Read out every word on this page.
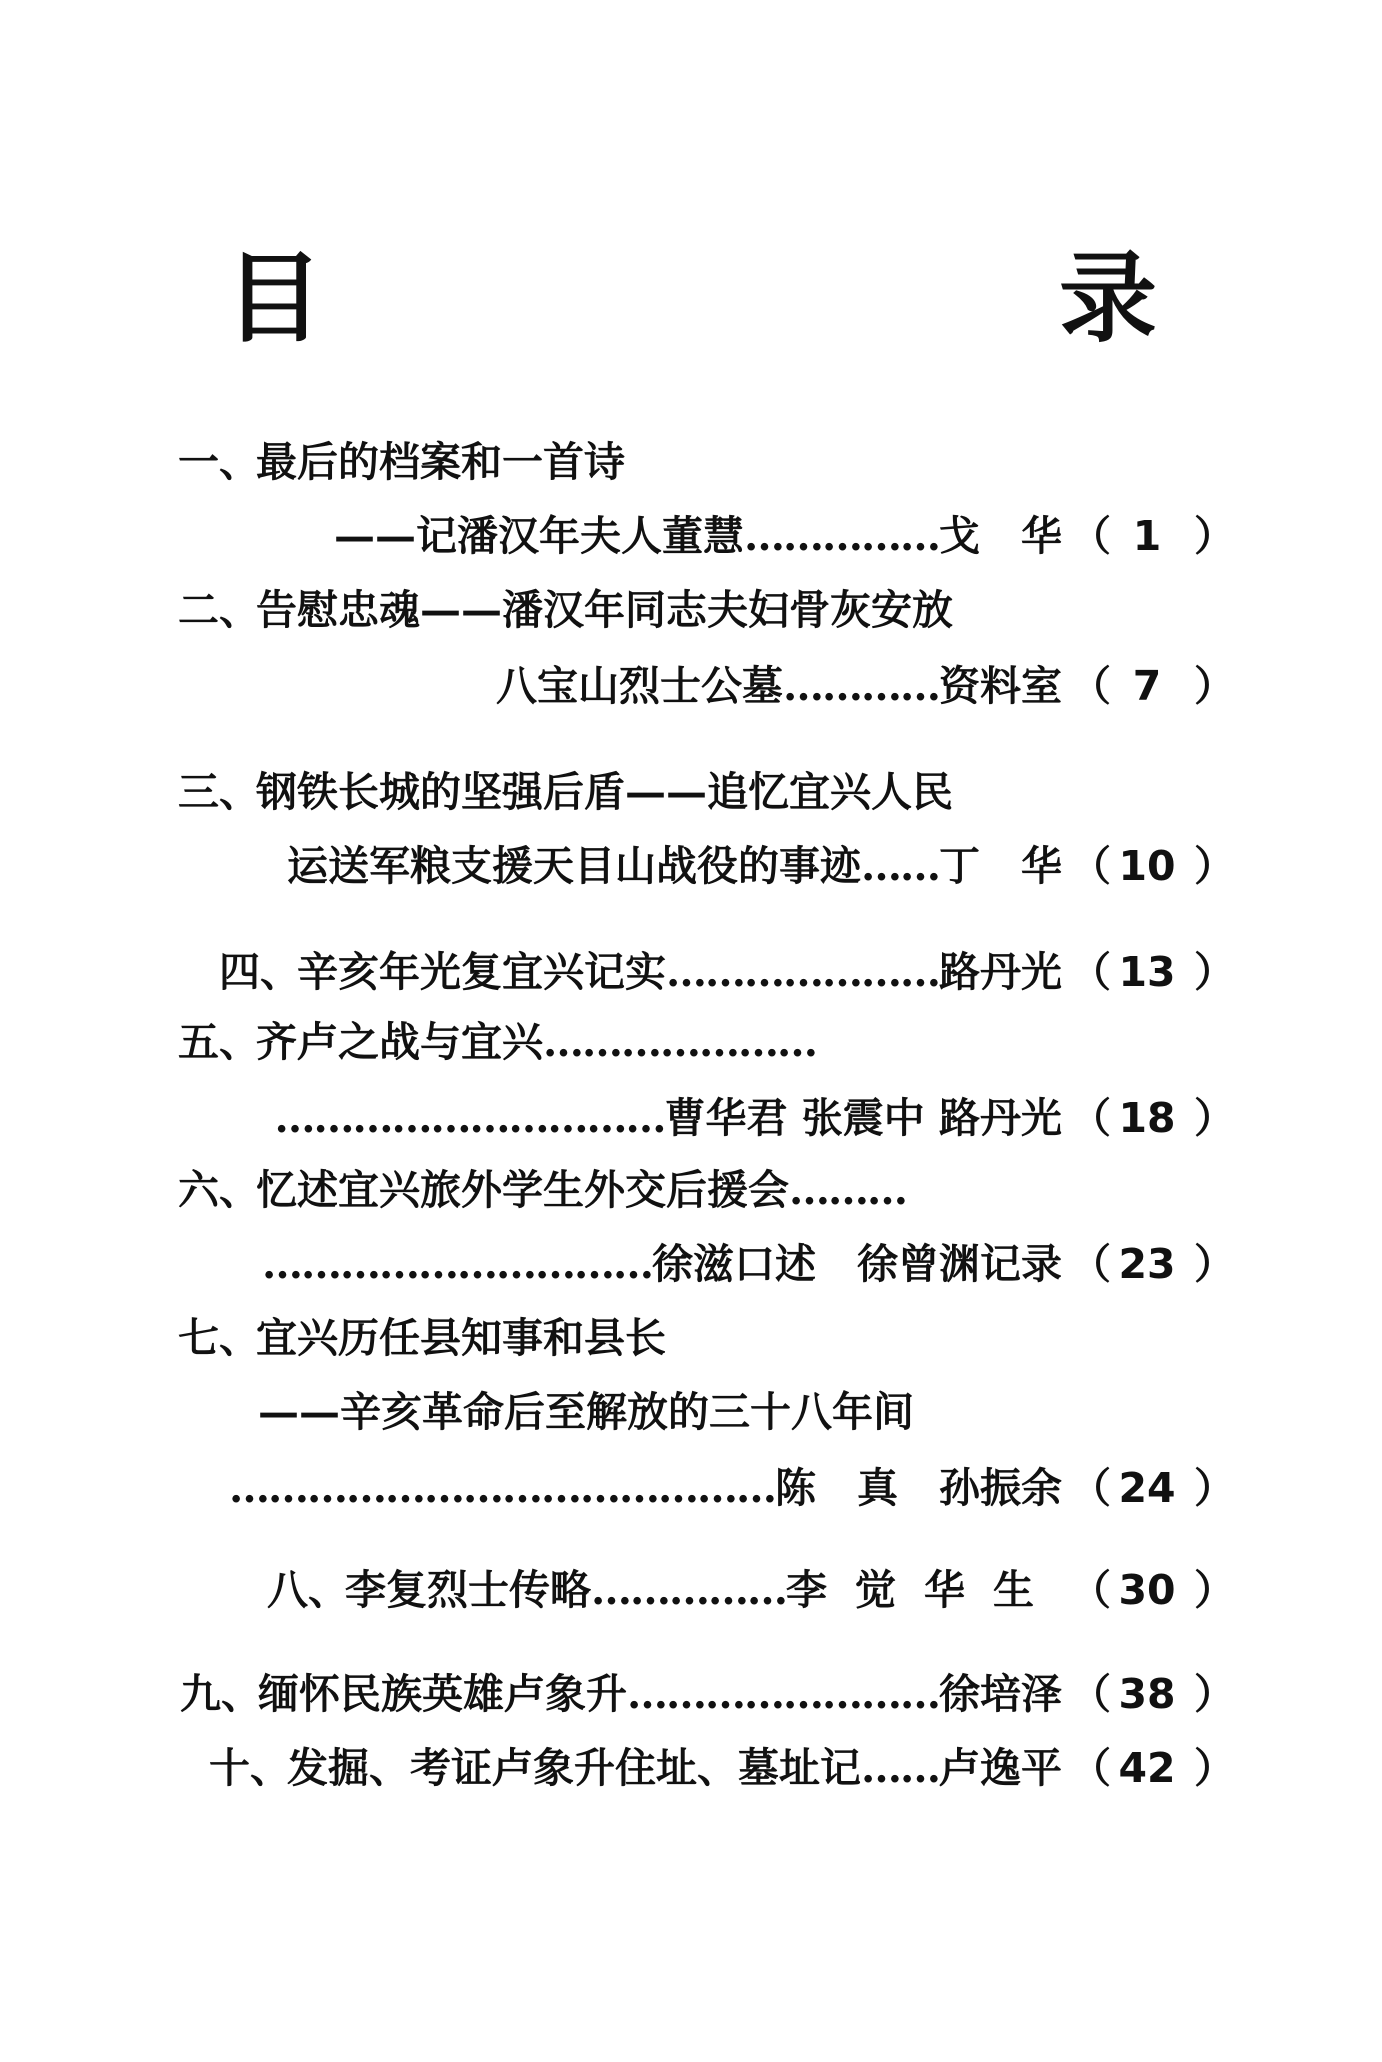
目　　录
一、最后的档案和一首诗
——记潘汉年夫人董慧……………戈　华 （ 1 ）
二、告慰忠魂——潘汉年同志夫妇骨灰安放
八宝山烈士公墓…………资料室 （ 7 ）
三、钢铁长城的坚强后盾——追忆宜兴人民
运送军粮支援天目山战役的事迹……丁　华 （ 10 ）
四、辛亥年光复宜兴记实…………………路丹光 （ 13 ）
五、齐卢之战与宜兴…………………
…………………………曹华君 张震中 路丹光 （ 18 ）
六、忆述宜兴旅外学生外交后援会………
…………………………徐滋口述　徐曾渊记录 （ 23 ）
七、宜兴历任县知事和县长
——辛亥革命后至解放的三十八年间
……………………………………陈　真　孙振余 （ 24 ）
八、李复烈士传略……………李觉华生 （ 30 ）
九、缅怀民族英雄卢象升……………………徐培泽 （ 38 ）
十、发掘、考证卢象升住址、墓址记……卢逸平 （ 42 ）
